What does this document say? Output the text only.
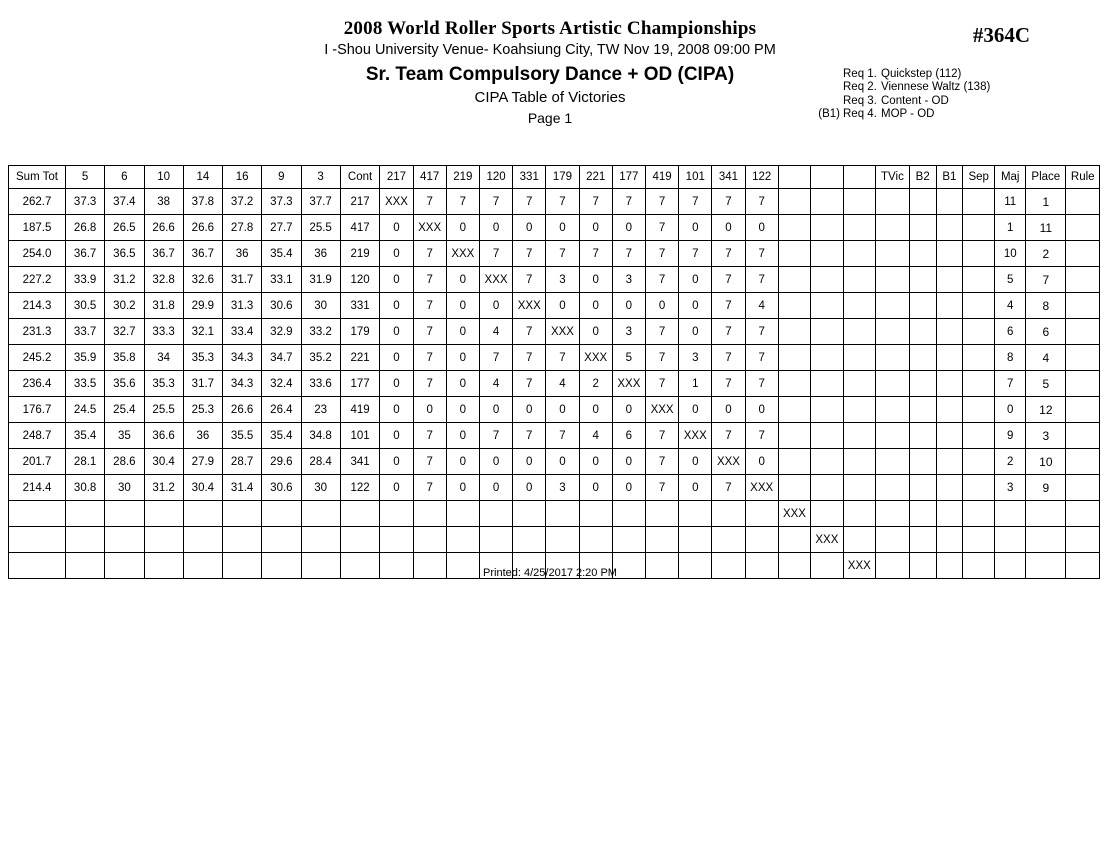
2008 World Roller Sports Artistic Championships
I -Shou University Venue- Koahsiung City, TW Nov 19, 2008 09:00 PM
Sr. Team Compulsory Dance + OD (CIPA)
CIPA Table of Victories
Page 1
#364C
Req 1. Quickstep (112)
Req 2. Viennese Waltz (138)
Req 3. Content - OD
(B1) Req 4. MOP - OD
Sum Tot	5	6	10	14	16	9	3	Cont	217	417	219	120	331	179	221	177	419	101	341	122				TVic	B2	B1	Sep	Maj	Place	Rule
262.7	37.3	37.4	38	37.8	37.2	37.3	37.7	217	XXX	7	7	7	7	7	7	7	7	7	7	7								11	1	
187.5	26.8	26.5	26.6	26.6	27.8	27.7	25.5	417	0	XXX	0	0	0	0	0	0	7	0	0	0								1	11	
254.0	36.7	36.5	36.7	36.7	36	35.4	36	219	0	7	XXX	7	7	7	7	7	7	7	7	7								10	2	
227.2	33.9	31.2	32.8	32.6	31.7	33.1	31.9	120	0	7	0	XXX	7	3	0	3	7	0	7	7								5	7	
214.3	30.5	30.2	31.8	29.9	31.3	30.6	30	331	0	7	0	0	XXX	0	0	0	0	0	7	4								4	8	
231.3	33.7	32.7	33.3	32.1	33.4	32.9	33.2	179	0	7	0	4	7	XXX	0	3	7	0	7	7								6	6	
245.2	35.9	35.8	34	35.3	34.3	34.7	35.2	221	0	7	0	7	7	7	XXX	5	7	3	7	7								8	4	
236.4	33.5	35.6	35.3	31.7	34.3	32.4	33.6	177	0	7	0	4	7	4	2	XXX	7	1	7	7								7	5	
176.7	24.5	25.4	25.5	25.3	26.6	26.4	23	419	0	0	0	0	0	0	0	0	XXX	0	0	0								0	12	
248.7	35.4	35	36.6	36	35.5	35.4	34.8	101	0	7	0	7	7	7	4	6	7	XXX	7	7								9	3	
201.7	28.1	28.6	30.4	27.9	28.7	29.6	28.4	341	0	7	0	0	0	0	0	0	7	0	XXX	0								2	10	
214.4	30.8	30	31.2	30.4	31.4	30.6	30	122	0	7	0	0	0	3	0	0	7	0	7	XXX								3	9	
																					XXX									
																						XXX								
																							XXX							
Printed: 4/25/2017 2:20 PM
